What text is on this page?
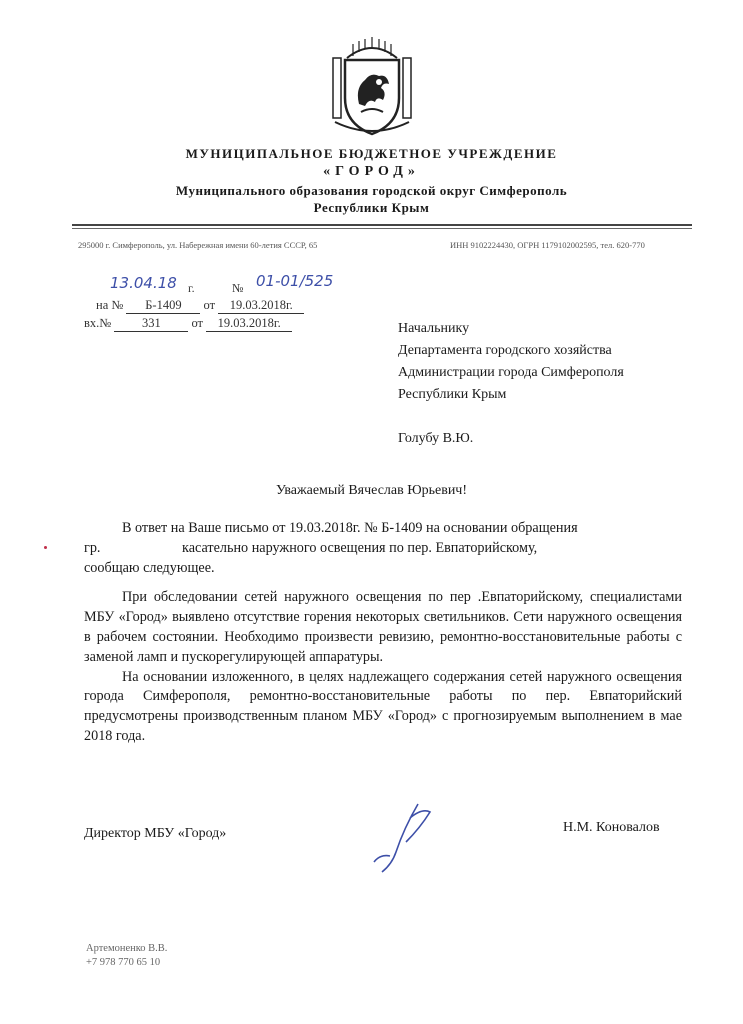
МУНИЦИПАЛЬНОЕ БЮДЖЕТНОЕ УЧРЕЖДЕНИЕ
«ГОРОД»
Муниципального образования городской округ Симферополь
Республики Крым
295000 г. Симферополь, ул. Набережная имени 60-летия СССР, 65	ИНН 9102224430, ОГРН 1179102002595, тел. 620-770
13.04.18 г.	№ 01-01/525
на № Б-1409 от 19.03.2018г.
вх.№ 331 от 19.03.2018г.	Начальнику
Департамента городского хозяйства
Администрации города Симферополя
Республики Крым
Голубу В.Ю.
Уважаемый Вячеслав Юрьевич!

В ответ на Ваше письмо от 19.03.2018г. № Б-1409 на основании обращения

гр.                       касательно наружного освещения по пер. Евпаторийскому,

сообщаю следующее.

При обследовании сетей наружного освещения по пер .Евпаторийскому, специалистами МБУ «Город» выявлено отсутствие горения некоторых светильников. Сети наружного освещения в рабочем состоянии. Необходимо произвести ревизию, ремонтно-восстановительные работы с заменой ламп и пускорегулирующей аппаратуры.

На основании изложенного, в целях надлежащего содержания сетей наружного освещения города Симферополя, ремонтно-восстановительные работы по пер. Евпаторийский предусмотрены производственным планом МБУ «Город» с прогнозируемым выполнением в мае 2018 года.

Директор МБУ «Город»	Н.М. Коновалов
Артемоненко В.В.
+7 978 770 65 10
